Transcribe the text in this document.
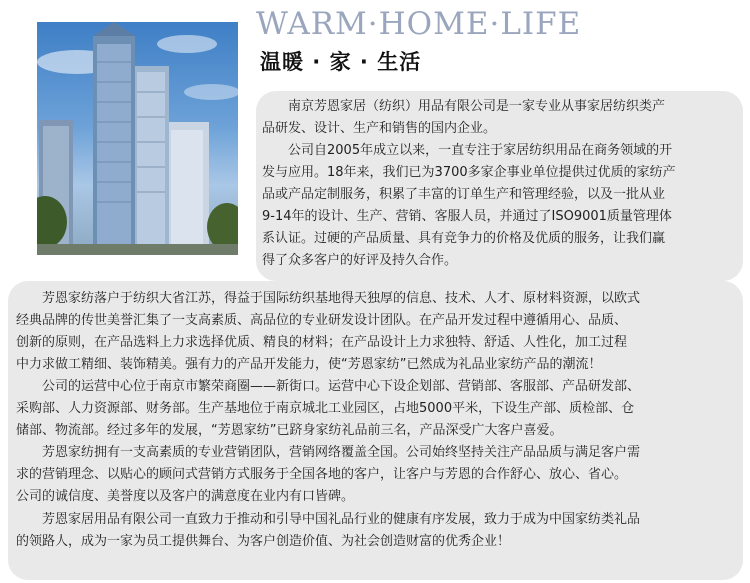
WARM·HOME·LIFE
温暖 · 家 · 生活

南京芳恩家居（纺织）用品有限公司是一家专业从事家居纺织类产
品研发、设计、生产和销售的国内企业。

公司自2005年成立以来，一直专注于家居纺织用品在商务领域的开
发与应用。18年来，我们已为3700多家企事业单位提供过优质的家纺产
品或产品定制服务，积累了丰富的订单生产和管理经验，以及一批从业
9-14年的设计、生产、营销、客服人员，并通过了ISO9001质量管理体
系认证。过硬的产品质量、具有竞争力的价格及优质的服务，让我们赢
得了众多客户的好评及持久合作。

芳恩家纺落户于纺织大省江苏，得益于国际纺织基地得天独厚的信息、技术、人才、原材料资源，以欧式
经典品牌的传世美誉汇集了一支高素质、高品位的专业研发设计团队。在产品开发过程中遵循用心、品质、
创新的原则，在产品选料上力求选择优质、精良的材料；在产品设计上力求独特、舒适、人性化，加工过程
中力求做工精细、装饰精美。强有力的产品开发能力，使“芳恩家纺”已然成为礼品业家纺产品的潮流！

公司的运营中心位于南京市繁荣商圈——新街口。运营中心下设企划部、营销部、客服部、产品研发部、
采购部、人力资源部、财务部。生产基地位于南京城北工业园区，占地5000平米，下设生产部、质检部、仓
储部、物流部。经过多年的发展，“芳恩家纺”已跻身家纺礼品前三名，产品深受广大客户喜爱。

芳恩家纺拥有一支高素质的专业营销团队，营销网络覆盖全国。公司始终坚持关注产品品质与满足客户需
求的营销理念、以贴心的顾问式营销方式服务于全国各地的客户，让客户与芳恩的合作舒心、放心、省心。
公司的诚信度、美誉度以及客户的满意度在业内有口皆碑。

芳恩家居用品有限公司一直致力于推动和引导中国礼品行业的健康有序发展，致力于成为中国家纺类礼品
的领路人，成为一家为员工提供舞台、为客户创造价值、为社会创造财富的优秀企业！
